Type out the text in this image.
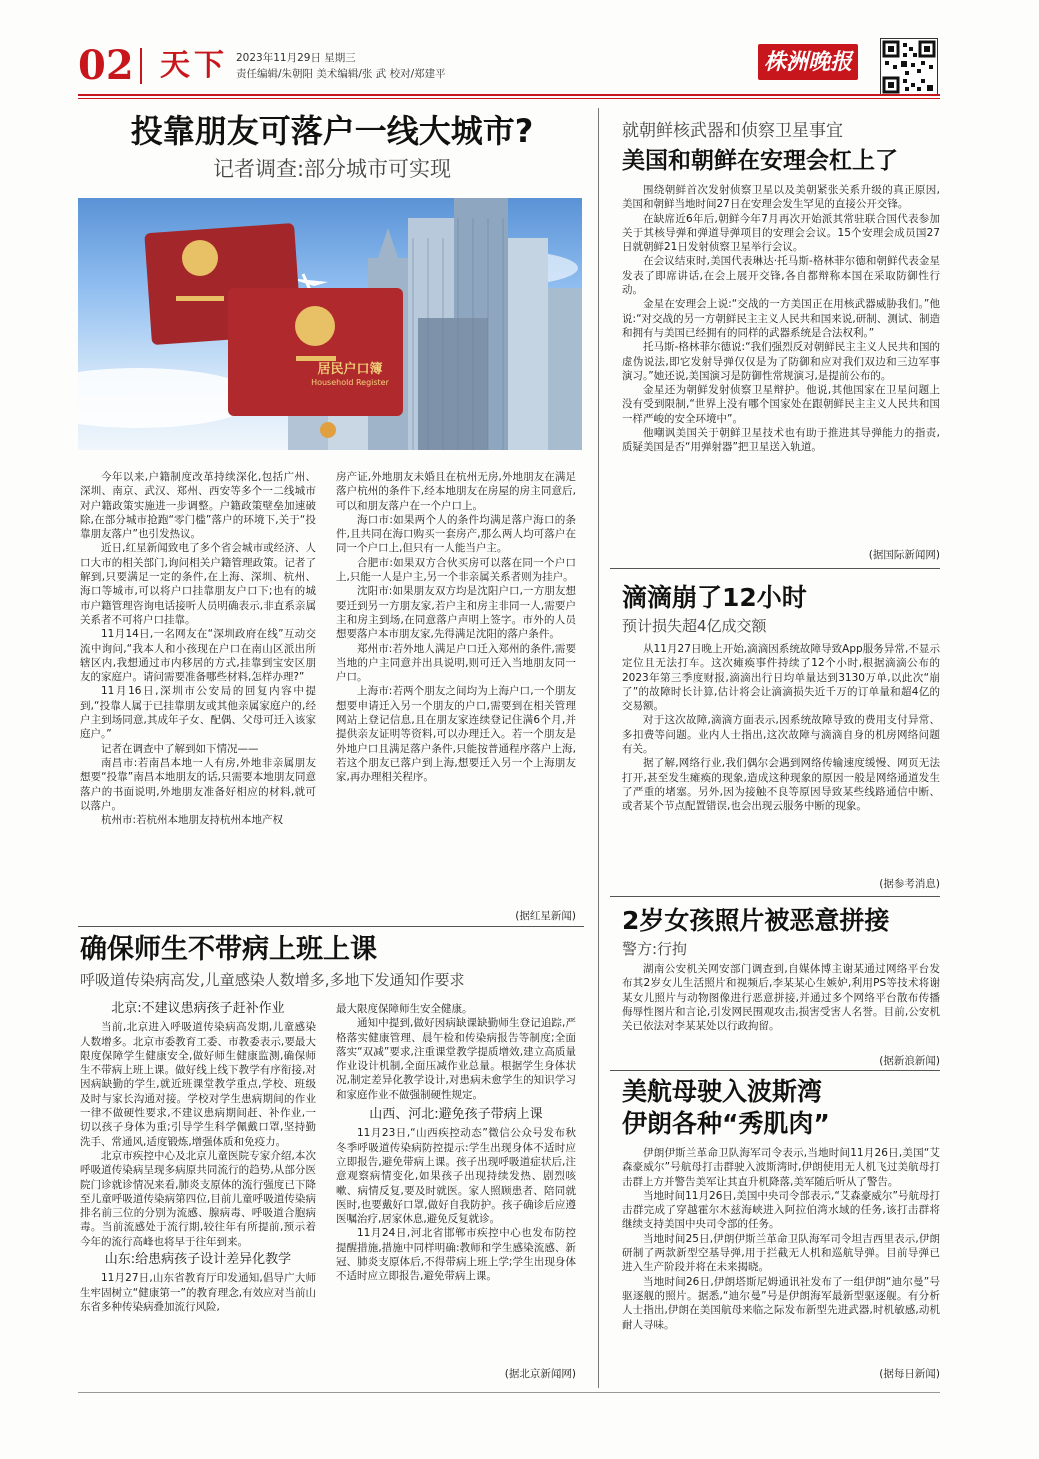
02 天下 2023年11月29日 星期三
责任编辑/朱朝阳 美术编辑/张 武 校对/郑建平	株洲晚报
投靠朋友可落户一线大城市?
记者调查:部分城市可实现
居民户口簿
Household Register

今年以来,户籍制度改革持续深化,包括广州、深圳、南京、武汉、郑州、西安等多个一二线城市对户籍政策实施进一步调整。户籍政策壁垒加速破除,在部分城市抢跑“零门槛”落户的环境下,关于“投靠朋友落户”也引发热议。

近日,红星新闻致电了多个省会城市或经济、人口大市的相关部门,询问相关户籍管理政策。记者了解到,只要满足一定的条件,在上海、深圳、杭州、海口等城市,可以将户口挂靠朋友户口下;也有的城市户籍管理咨询电话接听人员明确表示,非直系亲属关系者不可将户口挂靠。

11月14日,一名网友在“深圳政府在线”互动交流中询问,“我本人和小孩现在户口在南山区派出所辖区内,我想通过市内移居的方式,挂靠到宝安区朋友的家庭户。请问需要准备哪些材料,怎样办理?”

11月16日,深圳市公安局的回复内容中提到,“投靠人属于已挂靠朋友或其他亲属家庭户的,经户主到场同意,其成年子女、配偶、父母可迁入该家庭户。”

记者在调查中了解到如下情况——

南昌市:若南昌本地一人有房,外地非亲属朋友想要“投靠”南昌本地朋友的话,只需要本地朋友同意落户的书面说明,外地朋友准备好相应的材料,就可以落户。

杭州市:若杭州本地朋友持杭州本地产权

房产证,外地朋友未婚且在杭州无房,外地朋友在满足落户杭州的条件下,经本地朋友在房屋的房主同意后,可以和朋友落户在一个户口上。

海口市:如果两个人的条件均满足落户海口的条件,且共同在海口购买一套房产,那么两人均可落户在同一个户口上,但只有一人能当户主。

合肥市:如果双方合伙买房可以落在同一个户口上,只能一人是户主,另一个非亲属关系者则为挂户。

沈阳市:如果朋友双方均是沈阳户口,一方朋友想要迁到另一方朋友家,若户主和房主非同一人,需要户主和房主到场,在同意落户声明上签字。市外的人员想要落户本市朋友家,先得满足沈阳的落户条件。

郑州市:若外地人满足户口迁入郑州的条件,需要当地的户主同意并出具说明,则可迁入当地朋友同一户口。

上海市:若两个朋友之间均为上海户口,一个朋友想要申请迁入另一个朋友的户口,需要到在相关管理网站上登记信息,且在朋友家连续登记住满6个月,并提供亲友证明等资料,可以办理迁入。若一个朋友是外地户口且满足落户条件,只能按普通程序落户上海,若这个朋友已落户到上海,想要迁入另一个上海朋友家,再办理相关程序。

(据红星新闻)
确保师生不带病上班上课
呼吸道传染病高发,儿童感染人数增多,多地下发通知作要求
北京:不建议患病孩子赶补作业

当前,北京进入呼吸道传染病高发期,儿童感染人数增多。北京市委教育工委、市教委表示,要最大限度保障学生健康安全,做好师生健康监测,确保师生不带病上班上课。做好线上线下教学有序衔接,对因病缺勤的学生,就近班课堂教学重点,学校、班级及时与家长沟通对接。学校对学生患病期间的作业一律不做硬性要求,不建议患病期间赶、补作业,一切以孩子身体为重;引导学生科学佩戴口罩,坚持勤洗手、常通风,适度锻炼,增强体质和免疫力。

北京市疾控中心及北京儿童医院专家介绍,本次呼吸道传染病呈现多病原共同流行的趋势,从部分医院门诊就诊情况来看,肺炎支原体的流行强度已下降至儿童呼吸道传染病第四位,目前儿童呼吸道传染病排名前三位的分别为流感、腺病毒、呼吸道合胞病毒。当前流感处于流行期,较往年有所提前,预示着今年的流行高峰也将早于往年到来。

山东:给患病孩子设计差异化教学

11月27日,山东省教育厅印发通知,倡导广大师生牢固树立“健康第一”的教育理念,有效应对当前山东省多种传染病叠加流行风险,

最大限度保障师生安全健康。

通知中提到,做好因病缺课缺勤师生登记追踪,严格落实健康管理、晨午检和传染病报告等制度;全面落实“双减”要求,注重课堂教学提质增效,建立高质量作业设计机制,全面压减作业总量。根据学生身体状况,制定差异化教学设计,对患病未愈学生的知识学习和家庭作业不做强制硬性规定。

山西、河北:避免孩子带病上课

11月23日,“山西疾控动态”微信公众号发布秋冬季呼吸道传染病防控提示:学生出现身体不适时应立即报告,避免带病上课。孩子出现呼吸道症状后,注意观察病情变化,如果孩子出现持续发热、剧烈咳嗽、病情反复,要及时就医。家人照顾患者、陪同就医时,也要戴好口罩,做好自我防护。孩子确诊后应遵医嘱治疗,居家休息,避免反复就诊。

11月24日,河北省邯郸市疾控中心也发布防控提醒措施,措施中同样明确:教师和学生感染流感、新冠、肺炎支原体后,不得带病上班上学;学生出现身体不适时应立即报告,避免带病上课。

(据北京新闻网)
就朝鲜核武器和侦察卫星事宜
美国和朝鲜在安理会杠上了

围绕朝鲜首次发射侦察卫星以及美朝紧张关系升级的真正原因,美国和朝鲜当地时间27日在安理会发生罕见的直接公开交锋。

在缺席近6年后,朝鲜今年7月再次开始派其常驻联合国代表参加关于其核导弹和弹道导弹项目的安理会会议。15个安理会成员国27日就朝鲜21日发射侦察卫星举行会议。

在会议结束时,美国代表琳达·托马斯-格林菲尔德和朝鲜代表金星发表了即席讲话,在会上展开交锋,各自都辩称本国在采取防御性行动。

金星在安理会上说:“交战的一方美国正在用核武器威胁我们。”他说:“对交战的另一方朝鲜民主主义人民共和国来说,研制、测试、制造和拥有与美国已经拥有的同样的武器系统是合法权利。”

托马斯-格林菲尔德说:“我们强烈反对朝鲜民主主义人民共和国的虚伪说法,即它发射导弹仅仅是为了防御和应对我们双边和三边军事演习。”她还说,美国演习是防御性常规演习,是提前公布的。

金星还为朝鲜发射侦察卫星辩护。他说,其他国家在卫星问题上没有受到限制,“世界上没有哪个国家处在跟朝鲜民主主义人民共和国一样严峻的安全环境中”。

他嘲讽美国关于朝鲜卫星技术也有助于推进其导弹能力的指责,质疑美国是否“用弹射器”把卫星送入轨道。

(据国际新闻网)
滴滴崩了12小时
预计损失超4亿成交额

从11月27日晚上开始,滴滴因系统故障导致App服务异常,不显示定位且无法打车。这次瘫痪事件持续了12个小时,根据滴滴公布的2023年第三季度财报,滴滴出行日均单量达到3130万单,以此次“崩了”的故障时长计算,估计将会让滴滴损失近千万的订单量和超4亿的交易额。

对于这次故障,滴滴方面表示,因系统故障导致的费用支付异常、多扣费等问题。业内人士指出,这次故障与滴滴自身的机房网络问题有关。

据了解,网络行业,我们偶尔会遇到网络传输速度缓慢、网页无法打开,甚至发生瘫痪的现象,造成这种现象的原因一般是网络通道发生了严重的堵塞。另外,因为接触不良等原因导致某些线路通信中断、或者某个节点配置错误,也会出现云服务中断的现象。

(据参考消息)
2岁女孩照片被恶意拼接
警方:行拘

湖南公安机关网安部门调查到,自媒体博主谢某通过网络平台发布其2岁女儿生活照片和视频后,李某某心生嫉妒,利用PS等技术将谢某女儿照片与动物图像进行恶意拼接,并通过多个网络平台散布传播侮辱性图片和言论,引发网民围观攻击,损害受害人名誉。目前,公安机关已依法对李某某处以行政拘留。

(据新浪新闻)
美航母驶入波斯湾
伊朗各种“秀肌肉”

伊朗伊斯兰革命卫队海军司令表示,当地时间11月26日,美国“艾森豪威尔”号航母打击群驶入波斯湾时,伊朗使用无人机飞过美航母打击群上方并警告美军让其直升机降落,美军随后听从了警告。

当地时间11月26日,美国中央司令部表示,“艾森豪威尔”号航母打击群完成了穿越霍尔木兹海峡进入阿拉伯湾水域的任务,该打击群将继续支持美国中央司令部的任务。

当地时间25日,伊朗伊斯兰革命卫队海军司令坦吉西里表示,伊朗研制了两款新型空基导弹,用于拦截无人机和巡航导弹。目前导弹已进入生产阶段并将在未来揭晓。

当地时间26日,伊朗塔斯尼姆通讯社发布了一组伊朗“迪尔曼”号驱逐舰的照片。据悉,“迪尔曼”号是伊朗海军最新型驱逐舰。有分析人士指出,伊朗在美国航母来临之际发布新型先进武器,时机敏感,动机耐人寻味。

(据每日新闻)
